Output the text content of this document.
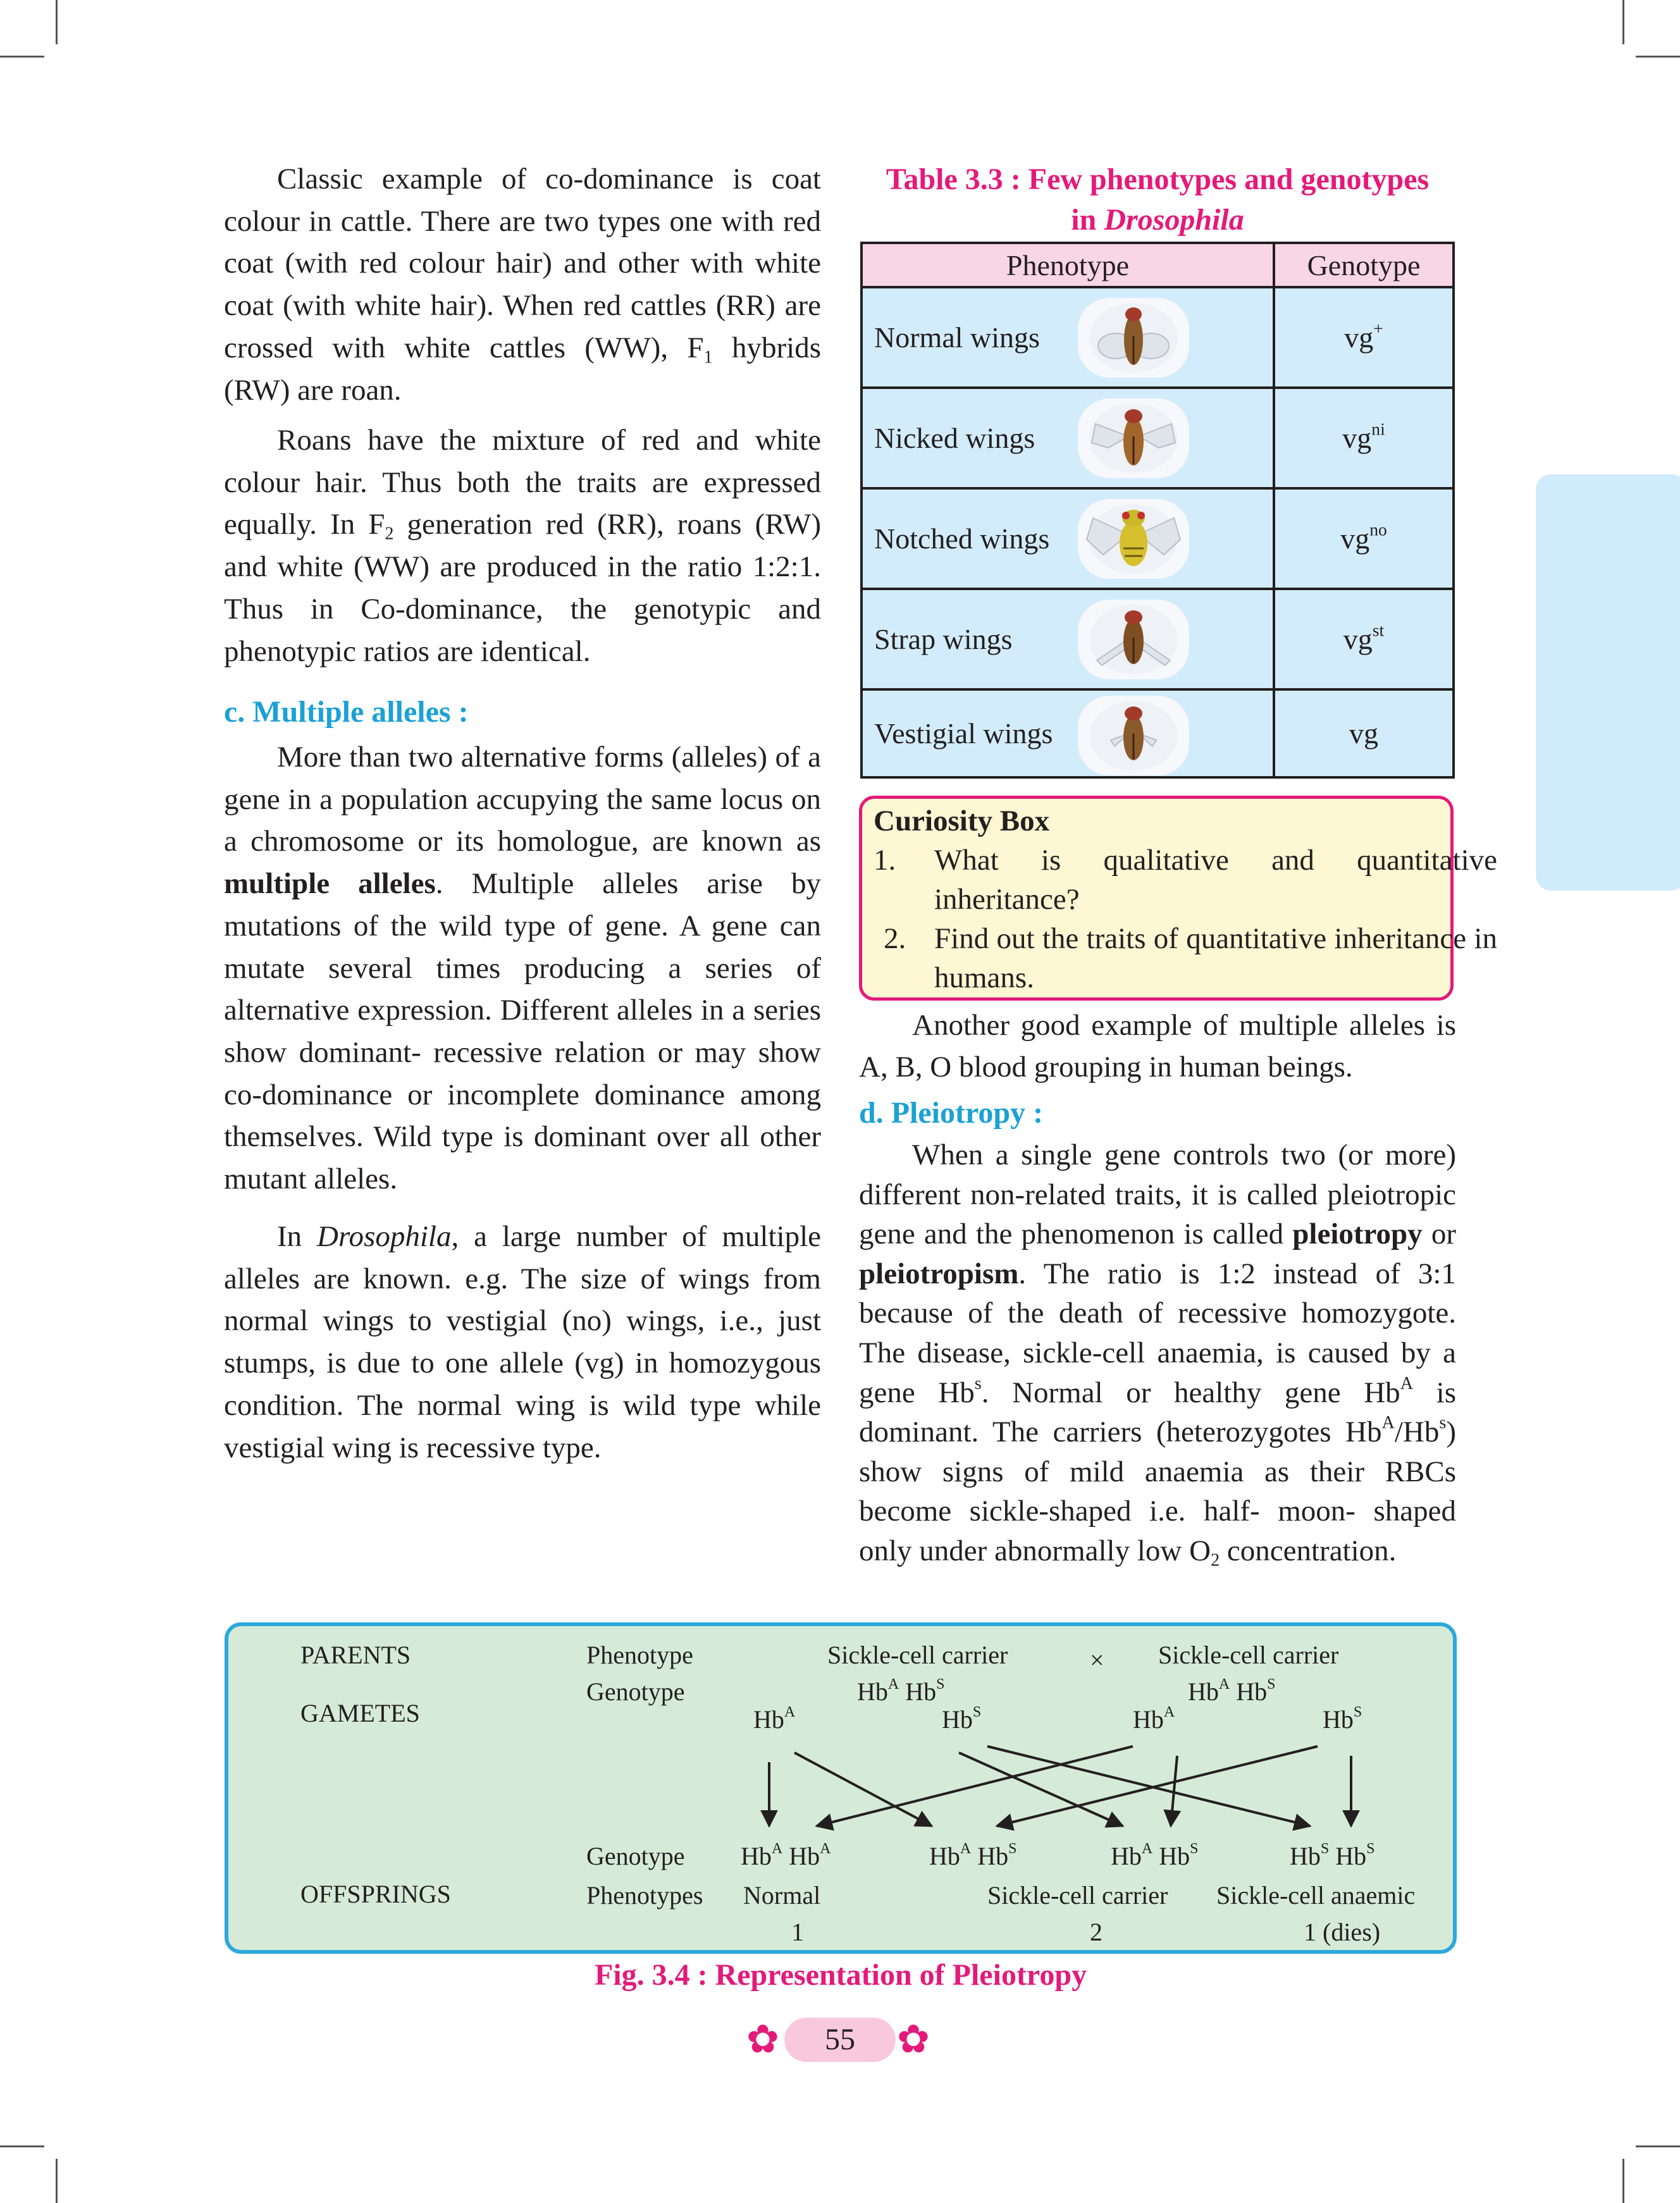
Classic example of co-dominance is coat colour in cattle. There are two types one with red coat (with red colour hair) and other with white coat (with white hair). When red cattles (RR) are crossed with white cattles (WW), $F_1$ hybrids (RW) are roan.

Roans have the mixture of red and white colour hair. Thus both the traits are expressed equally. In $F_2$ generation red (RR), roans (RW) and white (WW) are produced in the ratio 1:2:1. Thus in Co-dominance, the genotypic and phenotypic ratios are identical.

c. Multiple alleles :

More than two alternative forms (alleles) of a gene in a population accupying the same locus on a chromosome or its homologue, are known as multiple alleles. Multiple alleles arise by mutations of the wild type of gene. A gene can mutate several times producing a series of alternative expression. Different alleles in a series show dominant- recessive relation or may show co-dominance or incomplete dominance among themselves. Wild type is dominant over all other mutant alleles.

In Drosophila, a large number of multiple alleles are known. e.g. The size of wings from normal wings to vestigial (no) wings, i.e., just stumps, is due to one allele (vg) in homozygous condition. The normal wing is wild type while vestigial wing is recessive type.

Table 3.3 : Few phenotypes and genotypes
in Drosophila
Phenotype	Genotype
Normal wings	vg+
Nicked wings	$vg^{ni}$
Notched wings	$vg^{no}$
Strap wings	$vg^{st}$
Vestigial wings	vg
Curiosity Box
1. What is qualitative and quantitative inheritance?
2. Find out the traits of quantitative inheritance in humans.

Another good example of multiple alleles is A, B, O blood grouping in human beings.

d. Pleiotropy :

When a single gene controls two (or more) different non-related traits, it is called pleiotropic gene and the phenomenon is called pleiotropy or pleiotropism. The ratio is 1:2 instead of 3:1 because of the death of recessive homozygote. The disease, sickle-cell anaemia, is caused by a gene Hb$^s$. Normal or healthy gene $Hb^A$ is dominant. The carriers (heterozygotes $Hb^A/Hb^s$) show signs of mild anaemia as their RBCs become sickle-shaped i.e. half- moon- shaped only under abnormally low $O_2$ concentration.

PARENTS
GAMETES
OFFSPRINGS
Phenotype
Genotype
Genotype
Phenotypes
Sickle-cell carrier	× Sickle-cell carrier
$Hb^A$ $Hb^S$	$Hb^A$ $Hb^S$
$Hb^A$	$Hb^S$	$Hb^A$	$Hb^S$
$Hb^A$ $Hb^A$	$Hb^A$ $Hb^S$	$Hb^A$ $Hb^S$	$Hb^S$ $Hb^S$
Normal	Sickle-cell carrier Sickle-cell anaemic
1	2	1 (dies)
Fig. 3.4 : Representation of Pleiotropy
✿	55	✿
